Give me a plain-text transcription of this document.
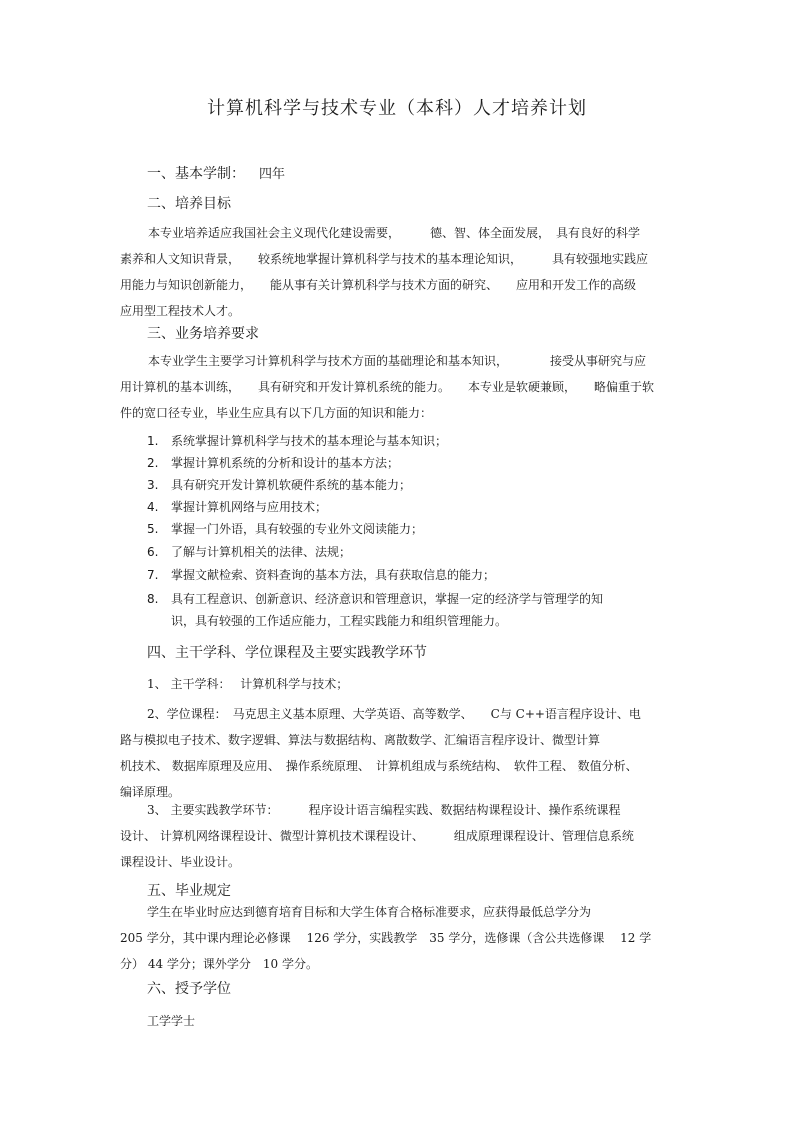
计算机科学与技术专业（本科）人才培养计划
一、基本学制： 四年
二、培养目标
本专业培养适应我国社会主义现代化建设需要，　　　德、智、体全面发展，　具有良好的科学
素养和人文知识背景，　　较系统地掌握计算机科学与技术的基本理论知识，　　　具有较强地实践应
用能力与知识创新能力，　　能从事有关计算机科学与技术方面的研究、　　应用和开发工作的高级
应用型工程技术人才。
三、业务培养要求
本专业学生主要学习计算机科学与技术方面的基础理论和基本知识，　　　　接受从事研究与应
用计算机的基本训练，　　具有研究和开发计算机系统的能力。　　本专业是软硬兼顾，　　略偏重于软
件的宽口径专业，毕业生应具有以下几方面的知识和能力：
1. 系统掌握计算机科学与技术的基本理论与基本知识；
2. 掌握计算机系统的分析和设计的基本方法；
3. 具有研究开发计算机软硬件系统的基本能力；
4. 掌握计算机网络与应用技术；
5. 掌握一门外语，具有较强的专业外文阅读能力；
6. 了解与计算机相关的法律、法规；
7. 掌握文献检索、资料查询的基本方法，具有获取信息的能力；
8. 具有工程意识、创新意识、经济意识和管理意识，掌握一定的经济学与管理学的知
识，具有较强的工作适应能力，工程实践能力和组织管理能力。
四、主干学科、学位课程及主要实践教学环节
1、 主干学科：　 计算机科学与技术；
2、学位课程：　马克思主义基本原理、大学英语、高等数学、　　C与 C++语言程序设计、电
路与模拟电子技术、数字逻辑、算法与数据结构、离散数学、汇编语言程序设计、微型计算
机技术、 数据库原理及应用、　操作系统原理、　计算机组成与系统结构、　软件工程、 数值分析、
编译原理。
3、 主要实践教学环节：　　　程序设计语言编程实践、数据结构课程设计、操作系统课程
设计、 计算机网络课程设计、微型计算机技术课程设计、　　　组成原理课程设计、管理信息系统
课程设计、毕业设计。
五、毕业规定
学生在毕业时应达到德育培育目标和大学生体育合格标准要求，应获得最低总学分为
205 学分，其中课内理论必修课　 126 学分，实践教学　35 学分，选修课（含公共选修课　 12 学
分） 44 学分；课外学分　10 学分。
六、授予学位
工学学士
